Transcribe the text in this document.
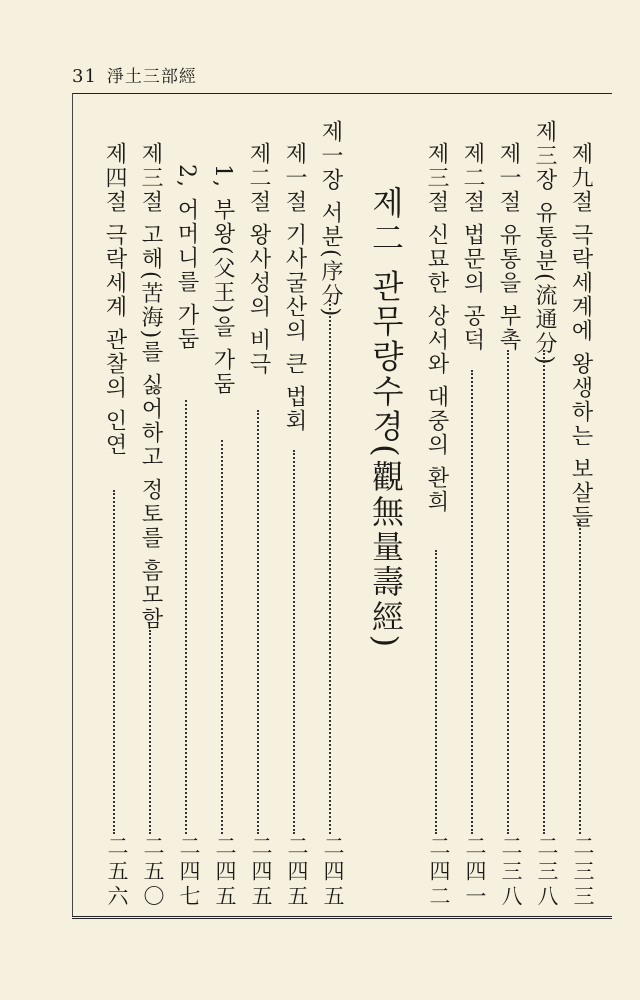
31 淨土三部經
제九절 극락세계에 왕생하는 보살들
二三三
제三장 유통분(流通分)
二三八
제一절 유통을 부촉
二三八
제二절 법문의 공덕
二四一
제三절 신묘한 상서와 대중의 환희
二四二
제二 관무량수경(觀無量壽經)
제一장 서분(序分)
二四五
제一절 기사굴산의 큰 법회
二四五
제二절 왕사성의 비극
二四五
1, 부왕(父王)을 가둠
二四五
2, 어머니를 가둠
二四七
제三절 고해(苦海)를 싫어하고 정토를 흠모함
二五〇
제四절 극락세계 관찰의 인연
二五六
